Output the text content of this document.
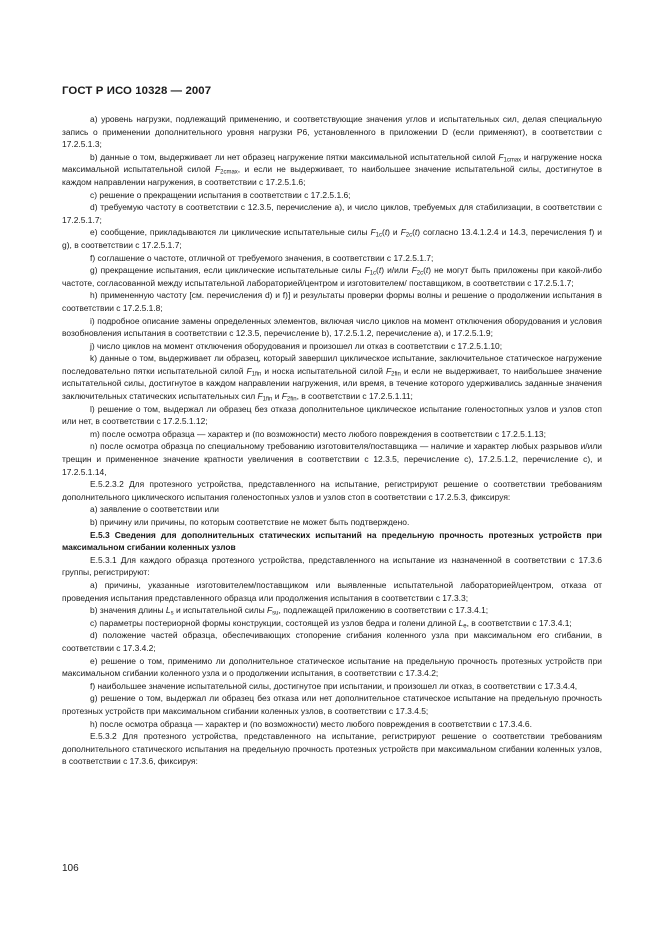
ГОСТ Р ИСО 10328 — 2007

а) уровень нагрузки, подлежащий применению, и соответствующие значения углов и испытательных сил, делая специальную запись о применении дополнительного уровня нагрузки Р6, установленного в приложении D (если применяют), в соответствии с 17.2.5.1.3;

b) данные о том, выдерживает ли нет образец нагружение пятки максимальной испытательной силой $F_{1cmax}$ и нагружение носка максимальной испытательной силой $F_{2cmax}$, и если не выдерживает, то наибольшее значение испытательной силы, достигнутое в каждом направлении нагружения, в соответствии с 17.2.5.1.6;

c) решение о прекращении испытания в соответствии с 17.2.5.1.6;

d) требуемую частоту в соответствии с 12.3.5, перечисление а), и число циклов, требуемых для стабилизации, в соответствии с 17.2.5.1.7;

e) сообщение, прикладываются ли циклические испытательные силы $F_{1c}(t)$ и $F_{2c}(t)$ согласно 13.4.1.2.4 и 14.3, перечисления f) и g), в соответствии с 17.2.5.1.7;

f) соглашение о частоте, отличной от требуемого значения, в соответствии с 17.2.5.1.7;

g) прекращение испытания, если циклические испытательные силы $F_{1c}(t)$ и/или $F_{2c}(t)$ не могут быть приложены при какой-либо частоте, согласованной между испытательной лабораторией/центром и изготовителем/ поставщиком, в соответствии с 17.2.5.1.7;

h) примененную частоту [см. перечисления d) и f)] и результаты проверки формы волны и решение о продолжении испытания в соответствии с 17.2.5.1.8;

i) подробное описание замены определенных элементов, включая число циклов на момент отключения оборудования и условия возобновления испытания в соответствии с 12.3.5, перечисление b), 17.2.5.1.2, перечисление а), и 17.2.5.1.9;

j) число циклов на момент отключения оборудования и произошел ли отказ в соответствии с 17.2.5.1.10;

k) данные о том, выдерживает ли образец, который завершил циклическое испытание, заключительное статическое нагружение последовательно пятки испытательной силой $F_{1fin}$ и носка испытательной силой $F_{2fin}$ и если не выдерживает, то наибольшее значение испытательной силы, достигнутое в каждом направлении нагружения, или время, в течение которого удерживались заданные значения заключительных статических испытательных сил $F_{1fin}$ и $F_{2fin}$, в соответствии с 17.2.5.1.11;

l) решение о том, выдержал ли образец без отказа дополнительное циклическое испытание голеностопных узлов и узлов стоп или нет, в соответствии с 17.2.5.1.12;

m) после осмотра образца — характер и (по возможности) место любого повреждения в соответствии с 17.2.5.1.13;

n) после осмотра образца по специальному требованию изготовителя/поставщика — наличие и характер любых разрывов и/или трещин и примененное значение кратности увеличения в соответствии с 12.3.5, перечисление с), 17.2.5.1.2, перечисление с), и 17.2.5.1.14,

Е.5.2.3.2 Для протезного устройства, представленного на испытание, регистрируют решение о соответствии требованиям дополнительного циклического испытания голеностопных узлов и узлов стоп в соответствии с 17.2.5.3, фиксируя:

а) заявление о соответствии или

b) причину или причины, по которым соответствие не может быть подтверждено.

Е.5.3 Сведения для дополнительных статических испытаний на предельную прочность протезных устройств при максимальном сгибании коленных узлов

Е.5.3.1 Для каждого образца протезного устройства, представленного на испытание из назначенной в соответствии с 17.3.6 группы, регистрируют:

а) причины, указанные изготовителем/поставщиком или выявленные испытательной лабораторией/центром, отказа от проведения испытания представленного образца или продолжения испытания в соответствии с 17.3.3;

b) значения длины $L_s$ и испытательной силы $F_{su}$, подлежащей приложению в соответствии с 17.3.4.1;

c) параметры постериорной формы конструкции, состоящей из узлов бедра и голени длиной $L_e$, в соответствии с 17.3.4.1;

d) положение частей образца, обеспечивающих стопорение сгибания коленного узла при максимальном его сгибании, в соответствии с 17.3.4.2;

e) решение о том, применимо ли дополнительное статическое испытание на предельную прочность протезных устройств при максимальном сгибании коленного узла и о продолжении испытания, в соответствии с 17.3.4.2;

f) наибольшее значение испытательной силы, достигнутое при испытании, и произошел ли отказ, в соответствии с 17.3.4.4,

g) решение о том, выдержал ли образец без отказа или нет дополнительное статическое испытание на предельную прочность протезных устройств при максимальном сгибании коленных узлов, в соответствии с 17.3.4.5;

h) после осмотра образца — характер и (по возможности) место любого повреждения в соответствии с 17.3.4.6.

Е.5.3.2 Для протезного устройства, представленного на испытание, регистрируют решение о соответствии требованиям дополнительного статического испытания на предельную прочность протезных устройств при максимальном сгибании коленных узлов, в соответствии с 17.3.6, фиксируя:

106
